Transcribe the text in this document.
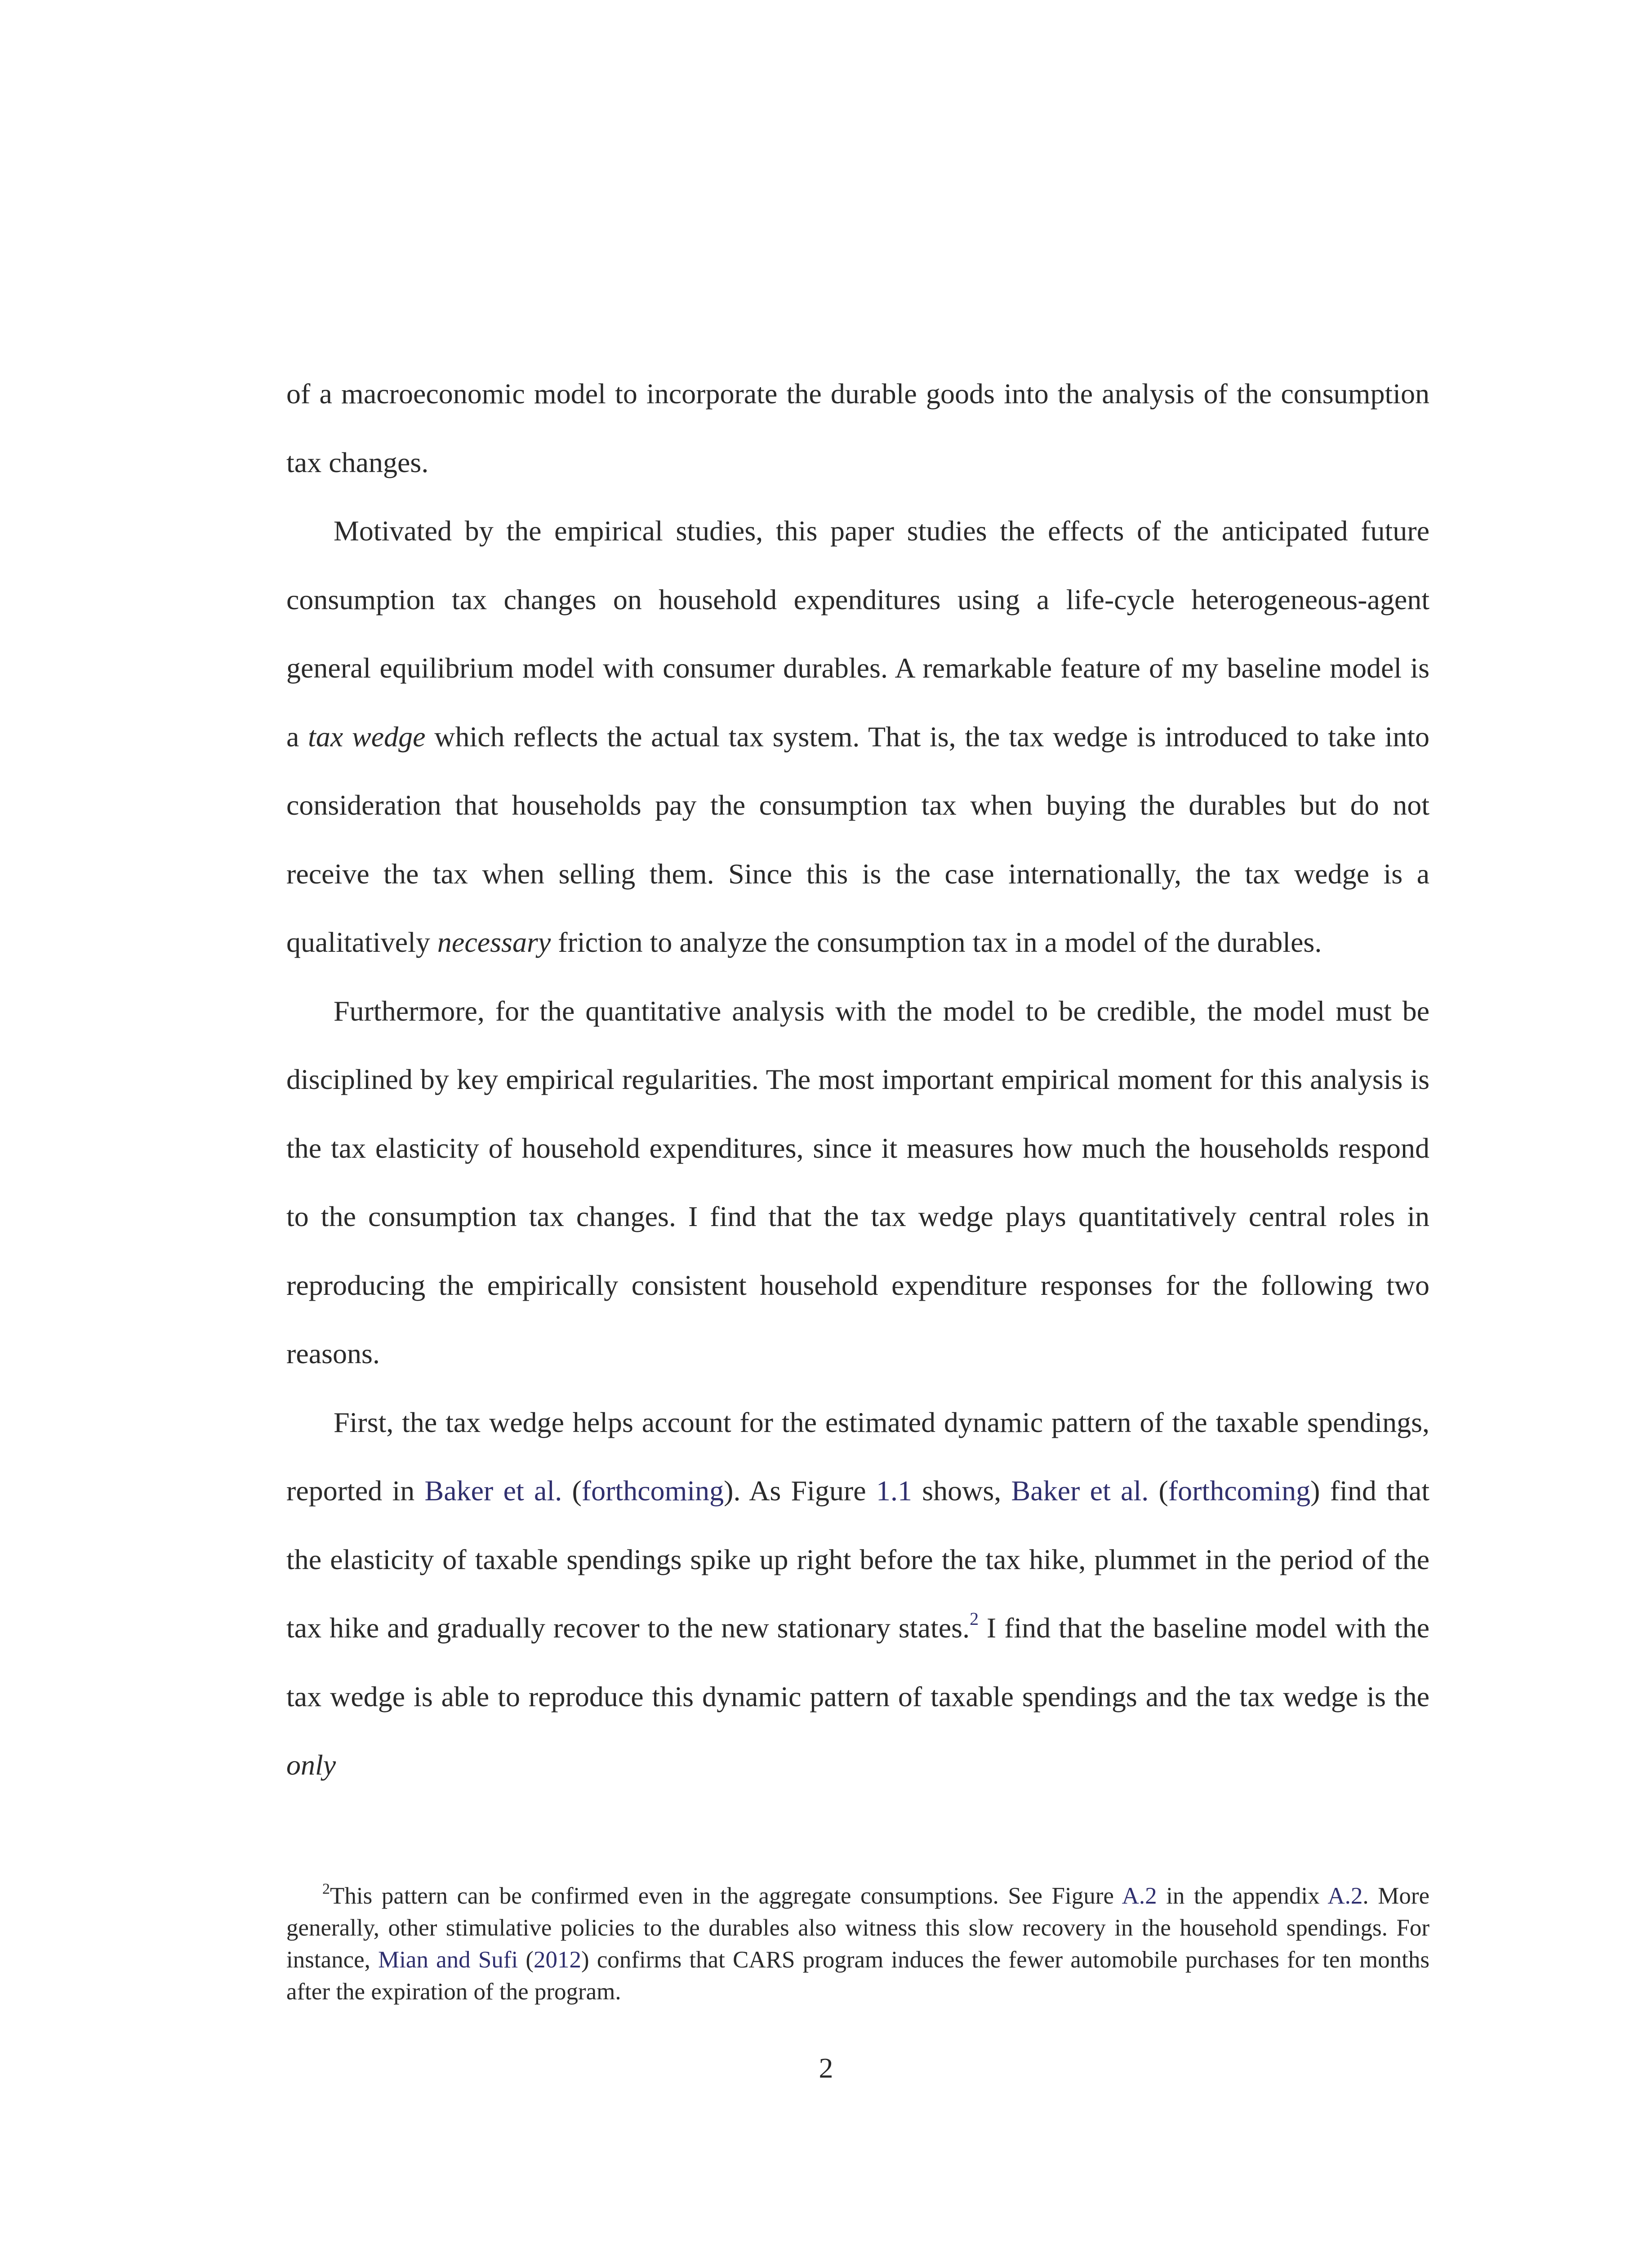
of a macroeconomic model to incorporate the durable goods into the analysis of the consumption tax changes.

Motivated by the empirical studies, this paper studies the effects of the anticipated future consumption tax changes on household expenditures using a life-cycle heterogeneous-agent general equilibrium model with consumer durables. A remarkable feature of my baseline model is a tax wedge which reflects the actual tax system. That is, the tax wedge is introduced to take into consideration that households pay the consumption tax when buying the durables but do not receive the tax when selling them. Since this is the case internationally, the tax wedge is a qualitatively necessary friction to analyze the consumption tax in a model of the durables.

Furthermore, for the quantitative analysis with the model to be credible, the model must be disciplined by key empirical regularities. The most important empirical moment for this analysis is the tax elasticity of household expenditures, since it measures how much the households respond to the consumption tax changes. I find that the tax wedge plays quantitatively central roles in reproducing the empirically consistent household expenditure responses for the following two reasons.

First, the tax wedge helps account for the estimated dynamic pattern of the taxable spendings, reported in Baker et al. (forthcoming). As Figure 1.1 shows, Baker et al. (forthcoming) find that the elasticity of taxable spendings spike up right before the tax hike, plummet in the period of the tax hike and gradually recover to the new stationary states.$^2$ I find that the baseline model with the tax wedge is able to reproduce this dynamic pattern of taxable spendings and the tax wedge is the only

$^2$This pattern can be confirmed even in the aggregate consumptions. See Figure A.2 in the appendix A.2. More generally, other stimulative policies to the durables also witness this slow recovery in the household spendings. For instance, Mian and Sufi (2012) confirms that CARS program induces the fewer automobile purchases for ten months after the expiration of the program.

2
